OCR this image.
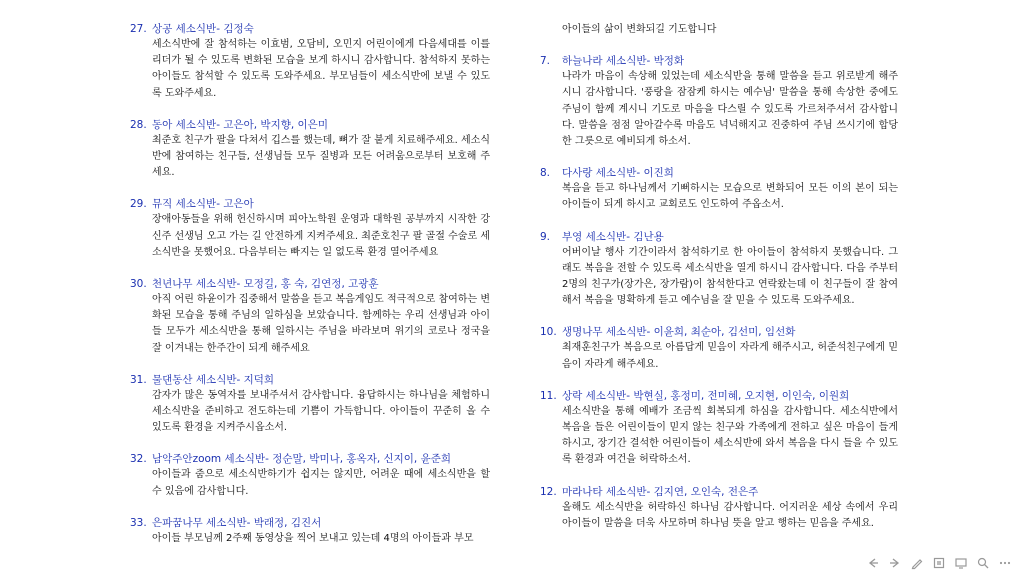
27. 상공 세소식반- 김정숙
세소식반에 잘 참석하는 이효범, 오담비, 오민지 어린이에게 다음세대를 이를 리더가 될 수 있도록 변화된 모습을 보게 하시니 감사합니다. 참석하지 못하는 아이들도 참석할 수 있도록 도와주세요. 부모님들이 세소식반에 보낼 수 있도록 도와주세요.
28. 동아 세소식반- 고은아, 박지향, 이은미
최준호 친구가 팔을 다쳐서 깁스를 했는데, 뼈가 잘 붙게 치료해주세요. 세소식반에 참여하는 친구들, 선생님들 모두 질병과 모든 어려움으로부터 보호해 주세요.
29. 뮤직 세소식반- 고은아
장애아동들을 위해 헌신하시며 피아노학원 운영과 대학원 공부까지 시작한 강신주 선생님 오고 가는 길 안전하게 지켜주세요. 최준호친구 팔 골절 수술로 세소식반을 못했어요. 다음부터는 빠지는 일 없도록 환경 열어주세요
30. 천년나무 세소식반- 모정길, 홍 숙, 김연정, 고광훈
아직 어린 하윤이가 집중해서 말씀을 듣고 복음게임도 적극적으로 참여하는 변화된 모습을 통해 주님의 일하심을 보았습니다. 함께하는 우리 선생님과 아이들 모두가 세소식반을 통해 일하시는 주님을 바라보며 위기의 코로나 정국을 잘 이겨내는 한주간이 되게 해주세요
31. 물댄동산 세소식반- 지덕희
감자가 많은 동역자를 보내주셔서 감사합니다. 융답하시는 하나님을 체험하니 세소식반을 준비하고 전도하는데 기쁨이 가득합니다. 아이들이 꾸준히 올 수 있도록 환경을 지켜주시옵소서.
32. 남악주안zoom 세소식반- 정순말, 박미나, 홍옥자, 신지이, 윤준희
아이들과 줌으로 세소식반하기가 쉽지는 않지만, 어려운 때에 세소식반을 할 수 있음에 감사합니다.
33. 은파꿈나무 세소식반- 박래정, 김진서
아이들 부모님께 2주째 동영상을 찍어 보내고 있는데 4명의 아이들과 부모
아이들의 삶이 변화되길 기도합니다
7. 하늘나라 세소식반- 박정화
나라가 마음이 속상해 있었는데 세소식반을 통해 말씀을 듣고 위로받게 해주시니 감사합니다. '풍랑을 잠잠케 하시는 예수님' 말씀을 통해 속상한 중에도 주님이 함께 계시니 기도로 마음을 다스릴 수 있도록 가르쳐주셔서 감사합니다. 말씀을 점점 알아갈수록 마음도 넉넉해지고 진중하여 주님 쓰시기에 합당한 그릇으로 예비되게 하소서.
8. 다사랑 세소식반- 이진희
복음을 듣고 하나님께서 기뻐하시는 모습으로 변화되어 모든 이의 본이 되는 아이들이 되게 하시고 교회로도 인도하여 주옵소서.
9. 부영 세소식반- 김난용
어버이날 행사 기간이라서 참석하기로 한 아이들이 참석하지 못했습니다. 그래도 복음을 전할 수 있도록 세소식반을 열게 하시니 감사합니다. 다음 주부터 2명의 친구가(장가은, 장가람)이 참석한다고 연락왔는데 이 친구들이 잘 참여해서 복음을 명확하게 듣고 예수님을 잘 믿을 수 있도록 도와주세요.
10. 생명나무 세소식반- 이윤희, 최순아, 김선미, 임선화
최재훈친구가 복음으로 아름답게 믿음이 자라게 해주시고, 허준석친구에게 믿음이 자라게 해주세요.
11. 상락 세소식반- 박현실, 홍정미, 전미혜, 오지현, 이인숙, 이원희
세소식반을 통해 예배가 조금씩 회복되게 하심을 감사합니다. 세소식반에서 복음을 들은 어린이들이 믿지 않는 친구와 가족에게 전하고 싶은 마음이 들게 하시고, 장기간 결석한 어린이들이 세소식반에 와서 복음을 다시 들을 수 있도록 환경과 여건을 허락하소서.
12. 마라나타 세소식반- 김지연, 오인숙, 전은주
올해도 세소식반을 허락하신 하나님 감사합니다. 어지러운 세상 속에서 우리 아이들이 말씀을 더욱 사모하며 하나님 뜻을 알고 행하는 믿음을 주세요.
